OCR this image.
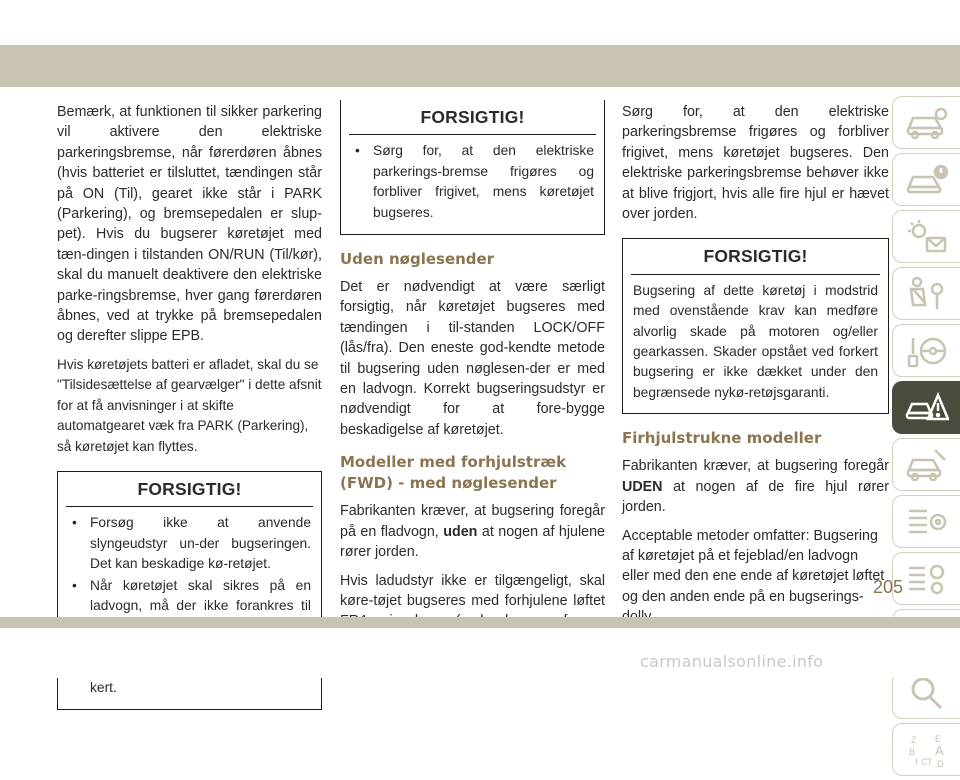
Bemærk, at funktionen til sikker parkering vil aktivere den elektriske parkeringsbremse, når førerdøren åbnes (hvis batteriet er tilsluttet, tændingen står på ON (Til), gearet ikke står i PARK (Parkering), og bremsepedalen er slup-pet). Hvis du bugserer køretøjet med tæn-dingen i tilstanden ON/RUN (Til/kør), skal du manuelt deaktivere den elektriske parke-ringsbremse, hver gang førerdøren åbnes, ved at trykke på bremsepedalen og derefter slippe EPB.

Hvis køretøjets batteri er afladet, skal du se "Tilsidesættelse af gearvælger" i dette afsnit for at få anvisninger i at skifte automatgearet væk fra PARK (Parkering), så køretøjet kan flyttes.

FORSIGTIG!
• Forsøg ikke at anvende slyngeudstyr un-der bugseringen. Det kan beskadige kø-retøjet.
• Når køretøjet skal sikres på en ladvogn, må der ikke forankres til kert.
FORSIGTIG!
• Sørg for, at den elektriske parkerings-bremse frigøres og forbliver frigivet, mens køretøjet bugseres.
Uden nøglesender

Det er nødvendigt at være særligt forsigtig, når køretøjet bugseres med tændingen i til-standen LOCK/OFF (lås/fra). Den eneste god-kendte metode til bugsering uden nøglesen-der er med en ladvogn. Korrekt bugseringsudstyr er nødvendigt for at fore-bygge beskadigelse af køretøjet.

Modeller med forhjulstræk (FWD) - med nøglesender

Fabrikanten kræver, at bugsering foregår på en fladvogn, uden at nogen af hjulene rører jorden.

Hvis ladudstyr ikke er tilgængeligt, skal køre-tøjet bugseres med forhjulene løftet

Sørg for, at den elektriske parkeringsbremse frigøres og forbliver frigivet, mens køretøjet bugseres. Den elektriske parkeringsbremse behøver ikke at blive frigjort, hvis alle fire hjul er hævet over jorden.

FORSIGTIG!
Bugsering af dette køretøj i modstrid med ovenstående krav kan medføre alvorlig skade på motoren og/eller gearkassen. Skader opstået ved forkert bugsering er ikke dækket under den begrænsede nykø-retøjsgaranti.
Firhjulstrukne modeller

Fabrikanten kræver, at bugsering foregår UDEN at nogen af de fire hjul rører jorden.

Acceptable metoder omfatter: Bugsering af køretøjet på et fejeblad/en ladvogn eller med den ene ende af køretøjet løftet og den anden ende på en bugserings-

Z
B
E
A
I C T D
205
carmanualsonline.info
